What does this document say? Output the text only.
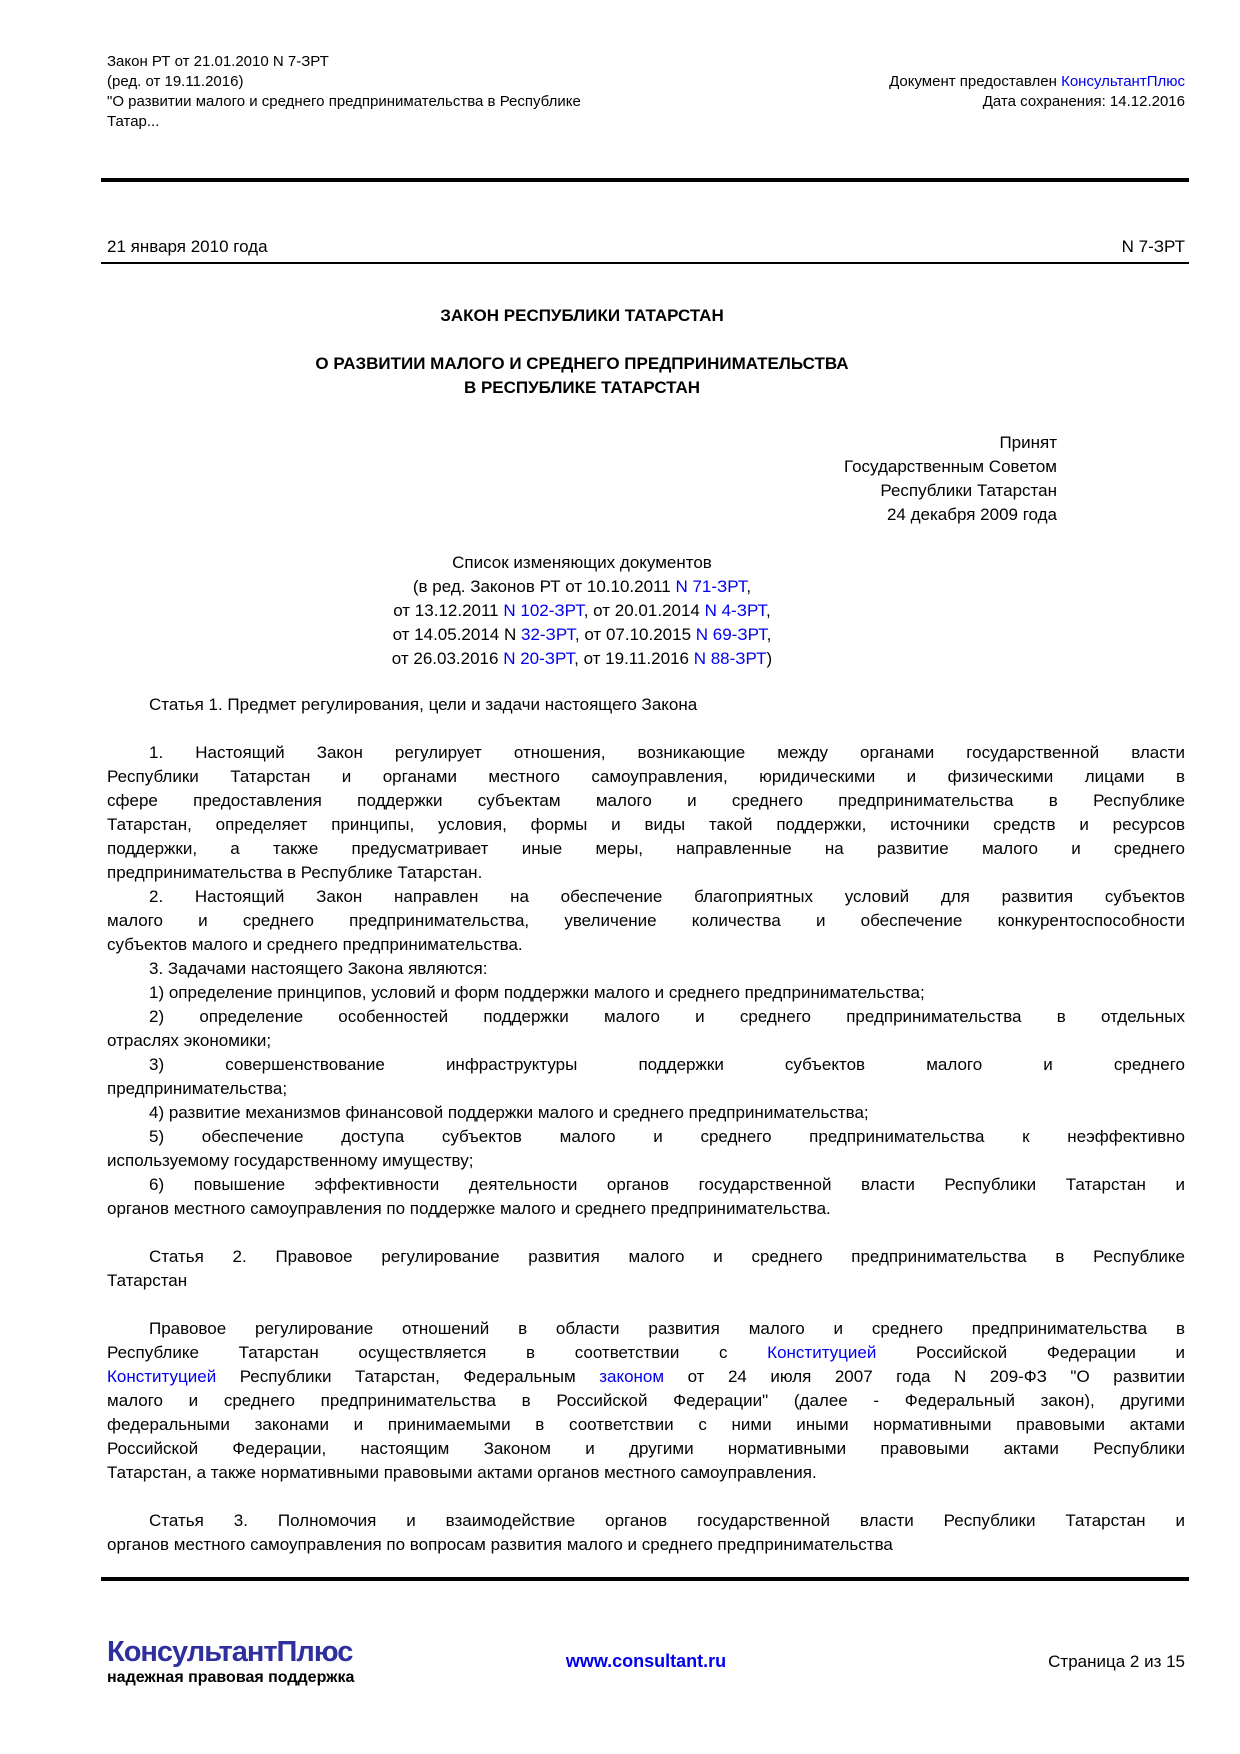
Закон РТ от 21.01.2010 N 7-ЗРТ
(ред. от 19.11.2016)
"О развитии малого и среднего предпринимательства в Республике
Татар...
Документ предоставлен КонсультантПлюс
Дата сохранения: 14.12.2016
21 января 2010 года	N 7-ЗРТ
ЗАКОН РЕСПУБЛИКИ ТАТАРСТАН
О РАЗВИТИИ МАЛОГО И СРЕДНЕГО ПРЕДПРИНИМАТЕЛЬСТВА
В РЕСПУБЛИКЕ ТАТАРСТАН
Принят
Государственным Советом
Республики Татарстан
24 декабря 2009 года
Список изменяющих документов
(в ред. Законов РТ от 10.10.2011 N 71-ЗРТ,
от 13.12.2011 N 102-ЗРТ, от 20.01.2014 N 4-ЗРТ,
от 14.05.2014 N 32-ЗРТ, от 07.10.2015 N 69-ЗРТ,
от 26.03.2016 N 20-ЗРТ, от 19.11.2016 N 88-ЗРТ)
Статья 1. Предмет регулирования, цели и задачи настоящего Закона
1. Настоящий Закон регулирует отношения, возникающие между органами государственной власти
Республики Татарстан и органами местного самоуправления, юридическими и физическими лицами в
сфере предоставления поддержки субъектам малого и среднего предпринимательства в Республике
Татарстан, определяет принципы, условия, формы и виды такой поддержки, источники средств и ресурсов
поддержки, а также предусматривает иные меры, направленные на развитие малого и среднего
предпринимательства в Республике Татарстан.
2. Настоящий Закон направлен на обеспечение благоприятных условий для развития субъектов
малого и среднего предпринимательства, увеличение количества и обеспечение конкурентоспособности
субъектов малого и среднего предпринимательства.
3. Задачами настоящего Закона являются:
1) определение принципов, условий и форм поддержки малого и среднего предпринимательства;
2) определение особенностей поддержки малого и среднего предпринимательства в отдельных
отраслях экономики;
3) совершенствование инфраструктуры поддержки субъектов малого и среднего
предпринимательства;
4) развитие механизмов финансовой поддержки малого и среднего предпринимательства;
5) обеспечение доступа субъектов малого и среднего предпринимательства к неэффективно
используемому государственному имуществу;
6) повышение эффективности деятельности органов государственной власти Республики Татарстан и
органов местного самоуправления по поддержке малого и среднего предпринимательства.
Статья 2. Правовое регулирование развития малого и среднего предпринимательства в Республике
Татарстан
Правовое регулирование отношений в области развития малого и среднего предпринимательства в
Республике Татарстан осуществляется в соответствии с Конституцией Российской Федерации и
Конституцией Республики Татарстан, Федеральным законом от 24 июля 2007 года N 209-ФЗ "О развитии
малого и среднего предпринимательства в Российской Федерации" (далее - Федеральный закон), другими
федеральными законами и принимаемыми в соответствии с ними иными нормативными правовыми актами
Российской Федерации, настоящим Законом и другими нормативными правовыми актами Республики
Татарстан, а также нормативными правовыми актами органов местного самоуправления.
Статья 3. Полномочия и взаимодействие органов государственной власти Республики Татарстан и
органов местного самоуправления по вопросам развития малого и среднего предпринимательства
КонсультантПлюс
надежная правовая поддержка
www.consultant.ru	Страница 2 из 15
